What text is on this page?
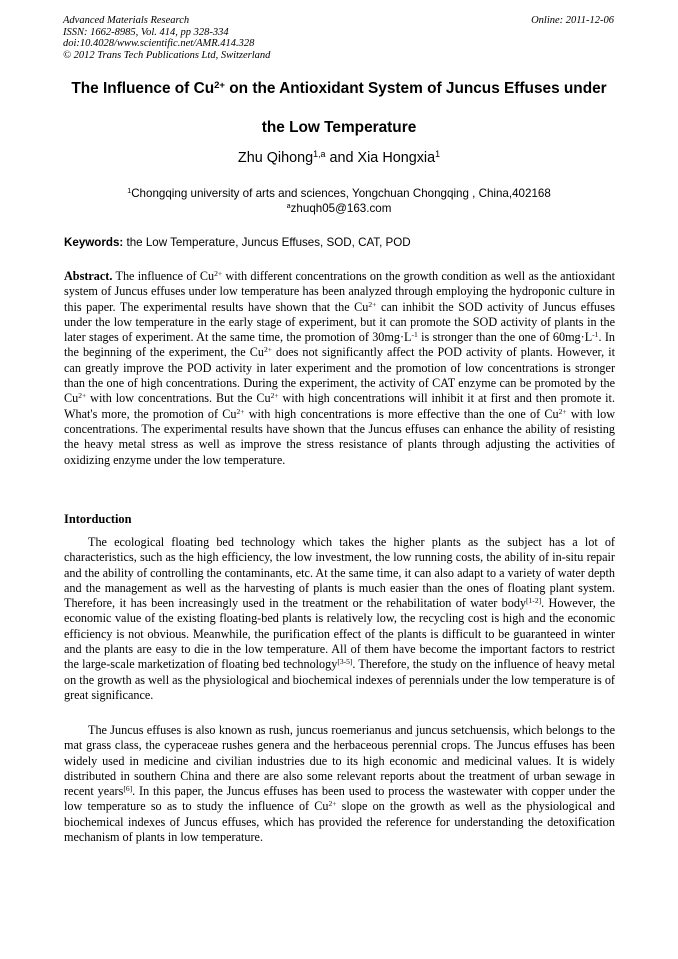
Advanced Materials Research
ISSN: 1662-8985, Vol. 414, pp 328-334
doi:10.4028/www.scientific.net/AMR.414.328
© 2012 Trans Tech Publications Ltd, Switzerland
Online: 2011-12-06
The Influence of $Cu^{2+}$ on the Antioxidant System of Juncus Effuses under
the Low Temperature
Zhu Qihong$^{1,a}$ and Xia Hongxia$^1$
$^1$Chongqing university of arts and sciences, Yongchuan Chongqing , China,402168
$^a$zhuqh05@163.com
Keywords: the Low Temperature, Juncus Effuses, SOD, CAT, POD
Abstract. The influence of $Cu^{2+}$ with different concentrations on the growth condition as well as the antioxidant system of Juncus effuses under low temperature has been analyzed through employing the hydroponic culture in this paper. The experimental results have shown that the $Cu^{2+}$ can inhibit the SOD activity of Juncus effuses under the low temperature in the early stage of experiment, but it can promote the SOD activity of plants in the later stages of experiment. At the same time, the promotion of $30mg\cdot L^{-1}$ is stronger than the one of $60mg\cdot L^{-1}$. In the beginning of the experiment, the $Cu^{2+}$ does not significantly affect the POD activity of plants. However, it can greatly improve the POD activity in later experiment and the promotion of low concentrations is stronger than the one of high concentrations. During the experiment, the activity of CAT enzyme can be promoted by the $Cu^{2+}$ with low concentrations. But the $Cu^{2+}$ with high concentrations will inhibit it at first and then promote it. What's more, the promotion of $Cu^{2+}$ with high concentrations is more effective than the one of $Cu^{2+}$ with low concentrations. The experimental results have shown that the Juncus effuses can enhance the ability of resisting the heavy metal stress as well as improve the stress resistance of plants through adjusting the activities of oxidizing enzyme under the low temperature.
Intorduction
The ecological floating bed technology which takes the higher plants as the subject has a lot of characteristics, such as the high efficiency, the low investment, the low running costs, the ability of in-situ repair and the ability of controlling the contaminants, etc. At the same time, it can also adapt to a variety of water depth and the management as well as the harvesting of plants is much easier than the ones of floating plant system. Therefore, it has been increasingly used in the treatment or the rehabilitation of water body[1-2]. However, the economic value of the existing floating-bed plants is relatively low, the recycling cost is high and the economic efficiency is not obvious. Meanwhile, the purification effect of the plants is difficult to be guaranteed in winter and the plants are easy to die in the low temperature. All of them have become the important factors to restrict the large-scale marketization of floating bed technology[3-5]. Therefore, the study on the influence of heavy metal on the growth as well as the physiological and biochemical indexes of perennials under the low temperature is of great significance.
The Juncus effuses is also known as rush, juncus roemerianus and juncus setchuensis, which belongs to the mat grass class, the cyperaceae rushes genera and the herbaceous perennial crops. The Juncus effuses has been widely used in medicine and civilian industries due to its high economic and medicinal values. It is widely distributed in southern China and there are also some relevant reports about the treatment of urban sewage in recent years[6]. In this paper, the Juncus effuses has been used to process the wastewater with copper under the low temperature so as to study the influence of $Cu^{2+}$ slope on the growth as well as the physiological and biochemical indexes of Juncus effuses, which has provided the reference for understanding the detoxification mechanism of plants in low temperature.
